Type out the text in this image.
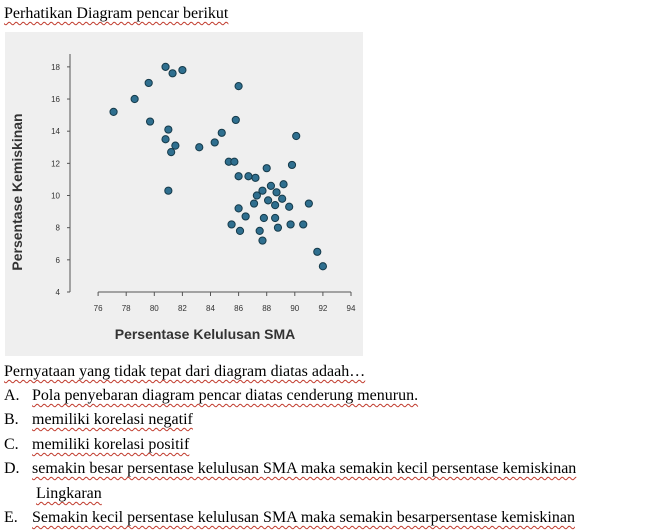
Perhatikan Diagram pencar berikut
4
6
8
10
12
14
16
18
76 78 80 82 84 86 88 90 92 94
Persentase Kelulusan SMA
Persentase Kemiskinan
Pernyataan yang tidak tepat dari diagram diatas adaah…
A. Pola penyebaran diagram pencar diatas cenderung menurun.
B. memiliki korelasi negatif
C. memiliki korelasi positif
D. semakin besar persentase kelulusan SMA maka semakin kecil persentase kemiskinan
Lingkaran
E. Semakin kecil persentase kelulusan SMA maka semakin besarpersentase kemiskinan
